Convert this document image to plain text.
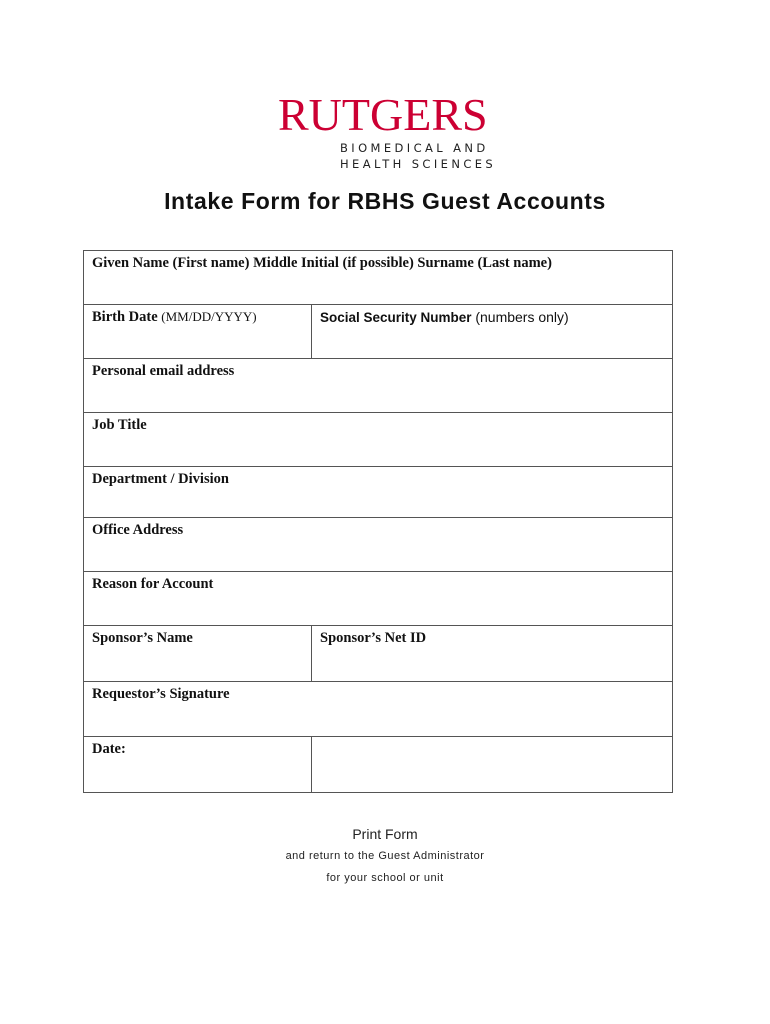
RUTGERS
BIOMEDICAL AND
HEALTH SCIENCES
Intake Form for RBHS Guest Accounts
Given Name (First name) Middle Initial (if possible) Surname (Last name)
Birth Date (MM/DD/YYYY)	Social Security Number (numbers only)
Personal email address
Job Title
Department / Division
Office Address
Reason for Account
Sponsor’s Name	Sponsor’s Net ID
Requestor’s Signature
Date:
Print Form
and return to the Guest Administrator
for your school or unit
